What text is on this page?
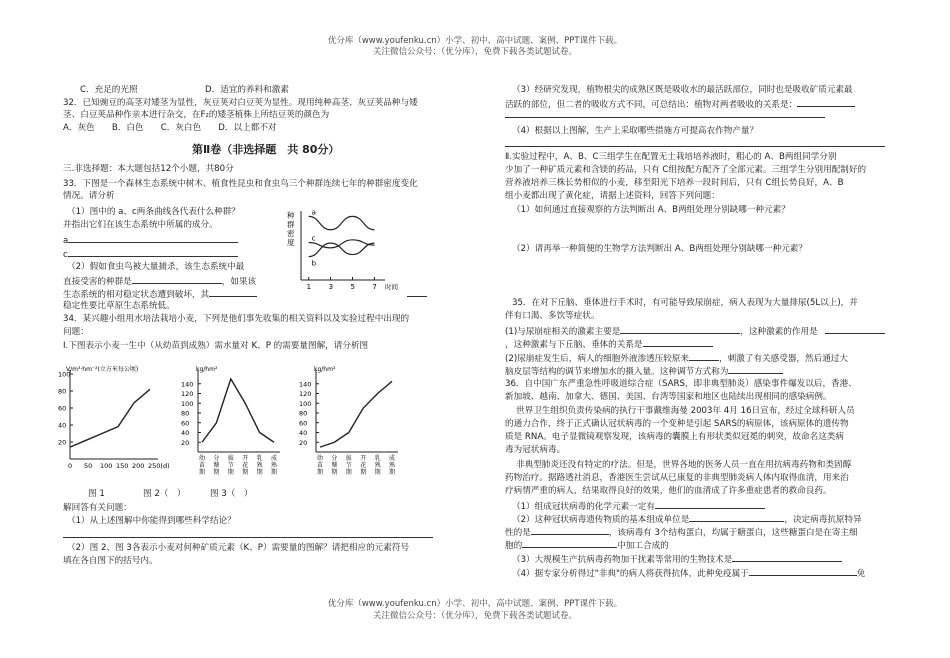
优分库（www.youfenku.cn）小学、初中、高中试题、案例、PPT课件下载。
关注微信公众号：（优分库），免费下载各类试题试卷。
C．充足的光照	D．适宜的养料和激素
32．已知豌豆的高茎对矮茎为显性，灰豆荚对白豆荚为显性。现用纯种高茎、灰豆荚品种与矮
茎、白豆荚品种作亲本进行杂交，在F₂的矮茎植株上所结豆荚的颜色为
A．灰色　　B．白色　　C．灰白色　　D．以上都不对
第Ⅱ卷（非选择题　共 80分）
三.非选择题：本大题包括12个小题，共80分
33．下图是一个森林生态系统中树木、植食性昆虫和食虫鸟三个种群连续七年的种群密度变化
情况。请分析
（1）图中的 a、c两条曲线各代表什么种群？
并指出它们在该生态系统中所属的成分。
a
c
（2）假如食虫鸟被大量捕杀，该生态系统中最
直接受害的种群是	，如果该
生态系统的相对稳定状态遭到破坏，其
稳定性要比草原生态系统低。
种
群
密
度
a
b
c
1 3 5 7 时间
34．某兴趣小组用水培法栽培小麦，下列是他们事先收集的相关资料以及实验过程中出现的
问题：
Ⅰ.下图表示小麦一生中（从幼苗到成熟）需水量对 K、P 的需要量图解，请分析图
V/m³·hm⁻²(立方米每公顷)
20
40
60
80
100
0 50 100 150 200 250(d)
kg/hm²
20
40
60
80
100
120
140
幼苗期
分蘖期
拔节期
开花期
乳熟期
成熟期
kg/hm²
20
40
60
80
100
120
140
幼苗期
分蘖期
拔节期
开花期
乳熟期
成熟期
图 1	图 2（　）	图 3（　）
解回答有关问题：
（1）从上述图解中你能得到哪些科学结论？
（2）图 2、图 3各表示小麦对何种矿质元素（K、P）需要量的图解？请把相应的元素符号
填在各自图下的括号内。
（3）经研究发现，植物根尖的成熟区既是吸收水的最活跃部位，同时也是吸收矿质元素最
活跃的部位，但二者的吸收方式不同，可总结出：植物对两者吸收的关系是：
（4）根据以上图解，生产上采取哪些措施方可提高农作物产量？
Ⅱ.实验过程中，A、B、C三组学生在配置无土栽培培养液时，粗心的 A、B两组同学分别
少加了一种矿质元素和含镁的药品，只有 C组按配方配齐了全部元素。三组学生分别用配制好的
营养液培养三株长势相似的小麦，移至阳光下培养一段时间后，只有 C组长势良好，A、B
组小麦都出现了黄化症，请据上述资料，回答下列问题：
（1）如何通过直接观察的方法判断出 A、B两组处理分别缺哪一种元素？
（2）请再举一种简便的生物学方法判断出 A、B两组处理分别缺哪一种元素？
35．在对下丘脑、垂体进行手术时，有可能导致尿崩症，病人表现为大量排尿(5L以上)，并
伴有口渴、多饮等症状。
(1)与尿崩症相关的激素主要是	，这种激素的作用是
，这种激素与下丘脑、垂体的关系是
(2)尿崩症发生后，病人的细胞外液渗透压较原来	，刺激了有关感受器，然后通过大
脑皮层等结构的调节来增加水的摄入量。这种调节方式称为
36．自中国广东严重急性呼吸道综合症（SARS，即非典型肺炎）感染事件爆发以后，香港、
新加坡、越南、加拿大、德国、美国、台湾等国家和地区也陆续出现相同的感染病例。
世界卫生组织负责传染病的执行干事戴维海曼 2003年 4月 16日宣布，经过全球科研人员
的通力合作，终于正式确认冠状病毒的一个变种是引起 SARS的病原体，该病原体的遗传物
质是 RNA。电子显微镜观察发现，该病毒的囊膜上有形状类似冠冕的刺突，故命名这类病
毒为冠状病毒。
非典型肺炎还没有特定的疗法。但是，世界各地的医务人员一直在用抗病毒药物和类固醇
药物治疗。据路透社消息，香港医生尝试从已康复的非典型肺炎病人体内取得血清，用来治
疗病情严重的病人，结果取得良好的效果，他们的血清成了许多重症患者的救命良药。
（1）组成冠状病毒的化学元素一定有
（2）这种冠状病毒遗传物质的基本组成单位是	，决定病毒抗原特异
性的是	，该病毒有 3个结构蛋白，均属于糖蛋白，这些糖蛋白是在寄主细
胞的	中加工合成的
（3）大规模生产抗病毒药物加干扰素等常用的生物技术是
（4）据专家分析得过"非典"的病人将获得抗体，此种免疫属于	免
优分库（www.youfenku.cn）小学、初中、高中试题、案例、PPT课件下载。
关注微信公众号：（优分库），免费下载各类试题试卷。
